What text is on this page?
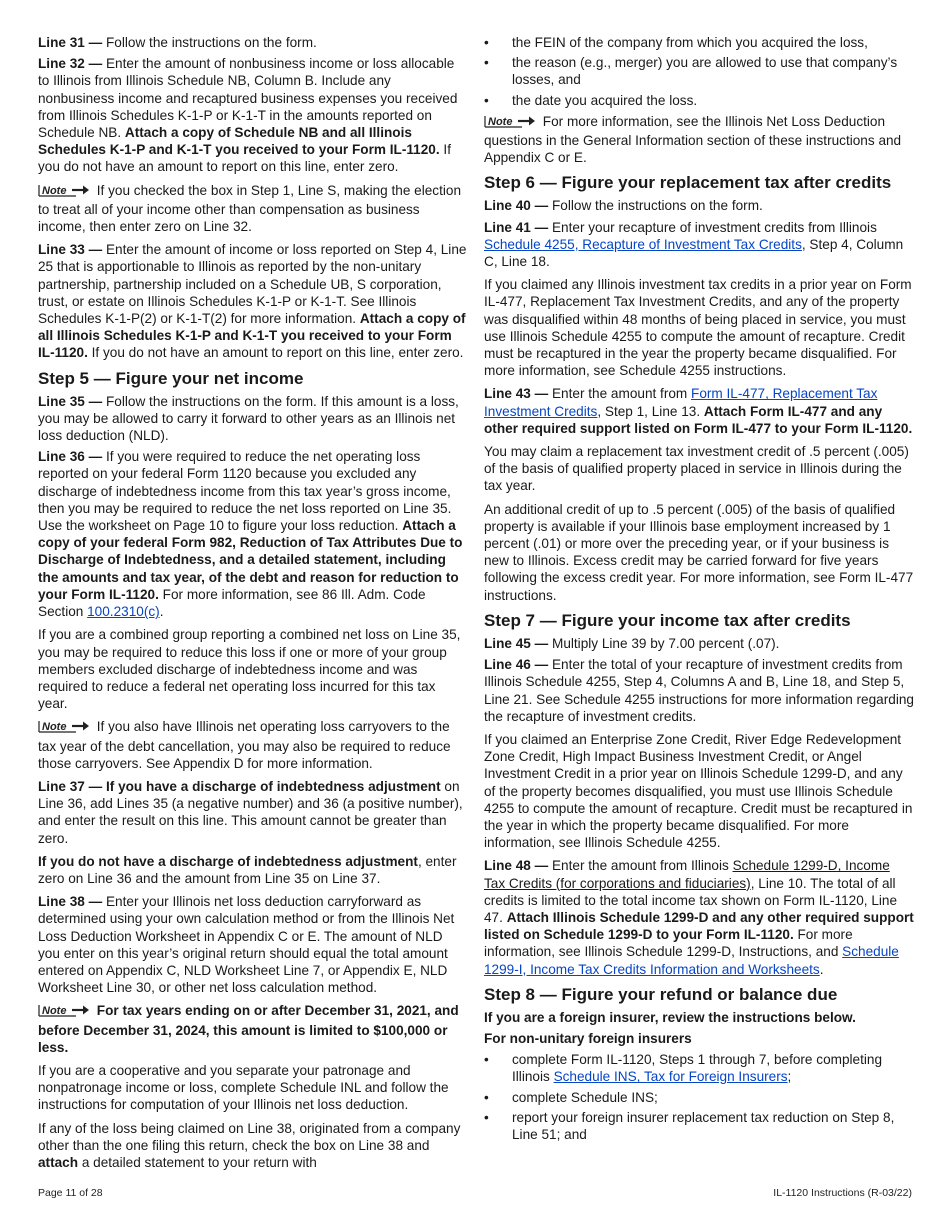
Line 31 — Follow the instructions on the form.

Line 32 — Enter the amount of nonbusiness income or loss allocable to Illinois from Illinois Schedule NB, Column B. Include any nonbusiness income and recaptured business expenses you received from Illinois Schedules K-1-P or K-1-T in the amounts reported on Schedule NB. Attach a copy of Schedule NB and all Illinois Schedules K-1-P and K-1-T you received to your Form IL-1120. If you do not have an amount to report on this line, enter zero.

Note If you checked the box in Step 1, Line S, making the election to treat all of your income other than compensation as business income, then enter zero on Line 32.

Line 33 — Enter the amount of income or loss reported on Step 4, Line 25 that is apportionable to Illinois as reported by the non-unitary partnership, partnership included on a Schedule UB, S corporation, trust, or estate on Illinois Schedules K-1-P or K-1-T. See Illinois Schedules K-1-P(2) or K-1-T(2) for more information. Attach a copy of all Illinois Schedules K-1-P and K-1-T you received to your Form IL-1120. If you do not have an amount to report on this line, enter zero.

Step 5 — Figure your net income

Line 35 — Follow the instructions on the form. If this amount is a loss, you may be allowed to carry it forward to other years as an Illinois net loss deduction (NLD).

Line 36 — If you were required to reduce the net operating loss reported on your federal Form 1120 because you excluded any discharge of indebtedness income from this tax year’s gross income, then you may be required to reduce the net loss reported on Line 35. Use the worksheet on Page 10 to figure your loss reduction. Attach a copy of your federal Form 982, Reduction of Tax Attributes Due to Discharge of Indebtedness, and a detailed statement, including the amounts and tax year, of the debt and reason for reduction to your Form IL-1120. For more information, see 86 Ill. Adm. Code Section 100.2310(c).

If you are a combined group reporting a combined net loss on Line 35, you may be required to reduce this loss if one or more of your group members excluded discharge of indebtedness income and was required to reduce a federal net operating loss incurred for this tax year.

Note If you also have Illinois net operating loss carryovers to the tax year of the debt cancellation, you may also be required to reduce those carryovers. See Appendix D for more information.

Line 37 — If you have a discharge of indebtedness adjustment on Line 36, add Lines 35 (a negative number) and 36 (a positive number), and enter the result on this line. This amount cannot be greater than zero.

If you do not have a discharge of indebtedness adjustment, enter zero on Line 36 and the amount from Line 35 on Line 37.

Line 38 — Enter your Illinois net loss deduction carryforward as determined using your own calculation method or from the Illinois Net Loss Deduction Worksheet in Appendix C or E. The amount of NLD you enter on this year’s original return should equal the total amount entered on Appendix C, NLD Worksheet Line 7, or Appendix E, NLD Worksheet Line 30, or other net loss calculation method.

Note For tax years ending on or after December 31, 2021, and before December 31, 2024, this amount is limited to $100,000 or less.

If you are a cooperative and you separate your patronage and nonpatronage income or loss, complete Schedule INL and follow the instructions for computation of your Illinois net loss deduction.

If any of the loss being claimed on Line 38, originated from a company other than the one filing this return, check the box on Line 38 and attach a detailed statement to your return with

• the FEIN of the company from which you acquired the loss,
• the reason (e.g., merger) you are allowed to use that company’s losses, and
• the date you acquired the loss.

Note For more information, see the Illinois Net Loss Deduction questions in the General Information section of these instructions and Appendix C or E.

Step 6 — Figure your replacement tax after credits

Line 40 — Follow the instructions on the form.

Line 41 — Enter your recapture of investment credits from Illinois Schedule 4255, Recapture of Investment Tax Credits, Step 4, Column C, Line 18.

If you claimed any Illinois investment tax credits in a prior year on Form IL-477, Replacement Tax Investment Credits, and any of the property was disqualified within 48 months of being placed in service, you must use Illinois Schedule 4255 to compute the amount of recapture. Credit must be recaptured in the year the property became disqualified. For more information, see Schedule 4255 instructions.

Line 43 — Enter the amount from Form IL-477, Replacement Tax Investment Credits, Step 1, Line 13. Attach Form IL-477 and any other required support listed on Form IL-477 to your Form IL-1120.

You may claim a replacement tax investment credit of .5 percent (.005) of the basis of qualified property placed in service in Illinois during the tax year.

An additional credit of up to .5 percent (.005) of the basis of qualified property is available if your Illinois base employment increased by 1 percent (.01) or more over the preceding year, or if your business is new to Illinois. Excess credit may be carried forward for five years following the excess credit year. For more information, see Form IL-477 instructions.

Step 7 — Figure your income tax after credits

Line 45 — Multiply Line 39 by 7.00 percent (.07).

Line 46 — Enter the total of your recapture of investment credits from Illinois Schedule 4255, Step 4, Columns A and B, Line 18, and Step 5, Line 21. See Schedule 4255 instructions for more information regarding the recapture of investment credits.

If you claimed an Enterprise Zone Credit, River Edge Redevelopment Zone Credit, High Impact Business Investment Credit, or Angel Investment Credit in a prior year on Illinois Schedule 1299-D, and any of the property becomes disqualified, you must use Illinois Schedule 4255 to compute the amount of recapture. Credit must be recaptured in the year in which the property became disqualified. For more information, see Illinois Schedule 4255.

Line 48 — Enter the amount from Illinois Schedule 1299-D, Income Tax Credits (for corporations and fiduciaries), Line 10. The total of all credits is limited to the total income tax shown on Form IL-1120, Line 47. Attach Illinois Schedule 1299-D and any other required support listed on Schedule 1299-D to your Form IL-1120. For more information, see Illinois Schedule 1299-D, Instructions, and Schedule 1299-I, Income Tax Credits Information and Worksheets.

Step 8 — Figure your refund or balance due

If you are a foreign insurer, review the instructions below.

For non-unitary foreign insurers

• complete Form IL-1120, Steps 1 through 7, before completing Illinois Schedule INS, Tax for Foreign Insurers;
• complete Schedule INS;
• report your foreign insurer replacement tax reduction on Step 8, Line 51; and
Page 11 of 28	IL-1120 Instructions (R-03/22)
